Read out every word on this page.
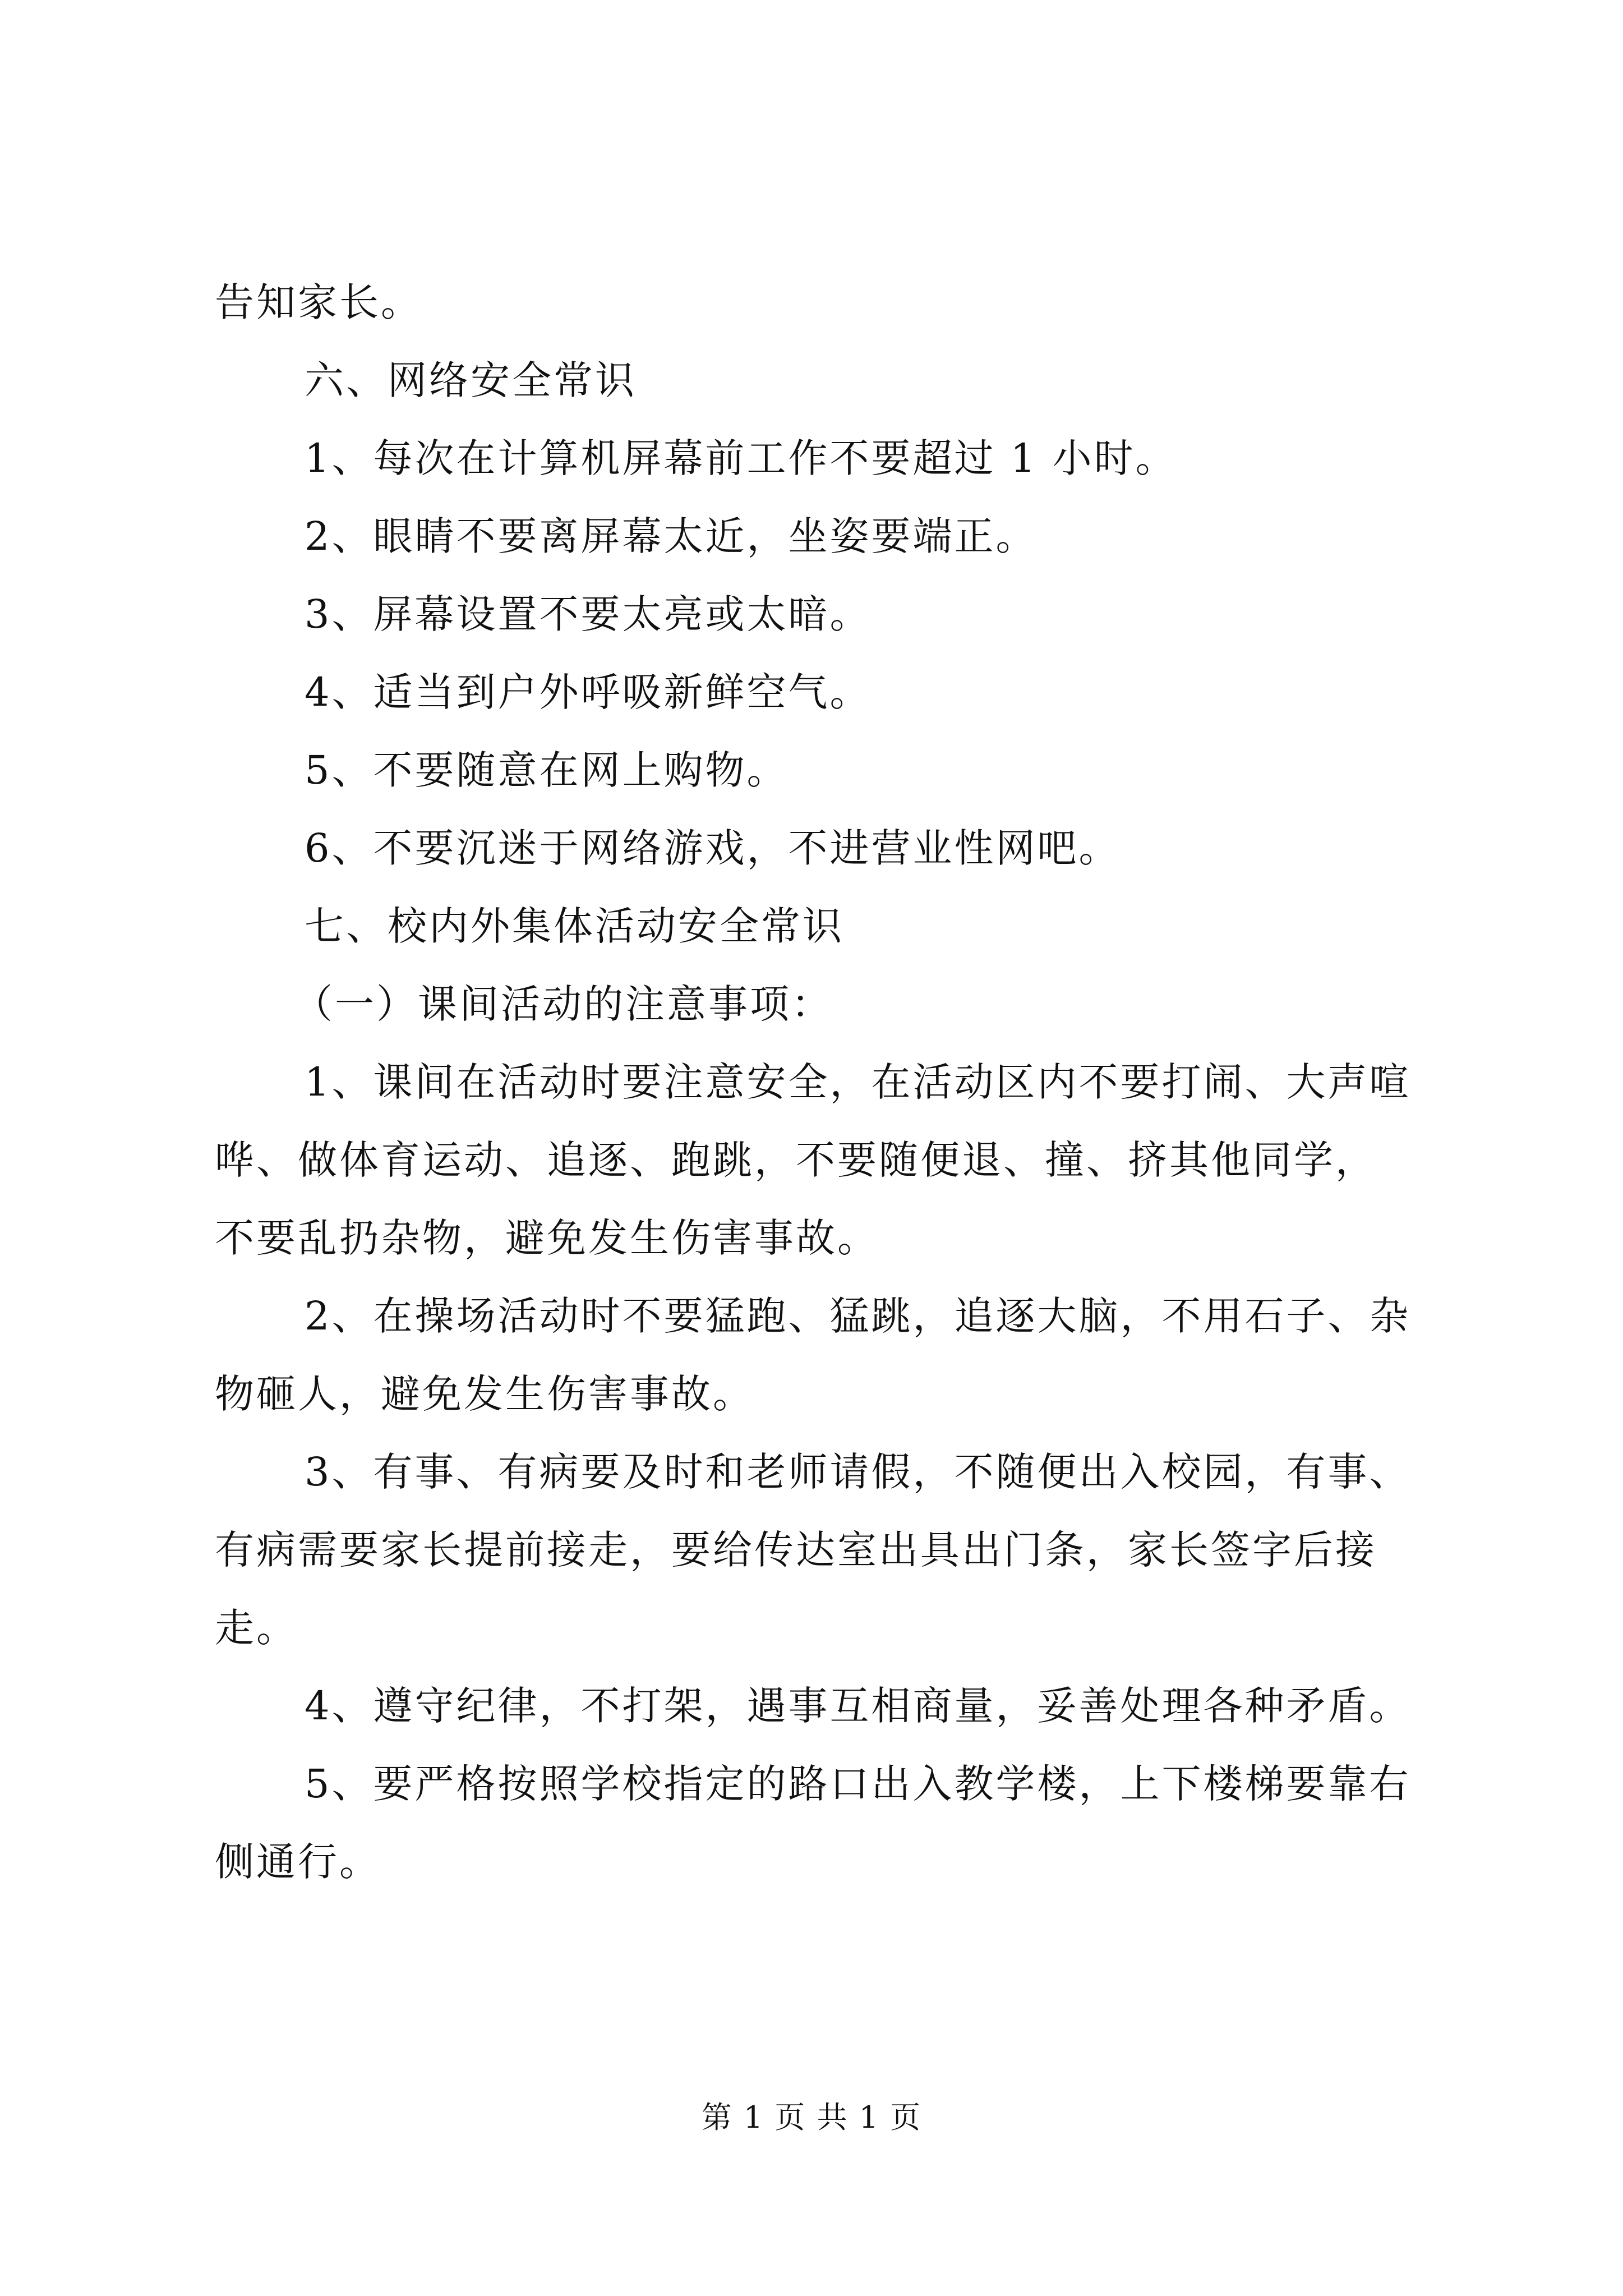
告知家长。

六、网络安全常识

1、每次在计算机屏幕前工作不要超过 1 小时。

2、眼睛不要离屏幕太近，坐姿要端正。

3、屏幕设置不要太亮或太暗。

4、适当到户外呼吸新鲜空气。

5、不要随意在网上购物。

6、不要沉迷于网络游戏，不进营业性网吧。

七、校内外集体活动安全常识

（一）课间活动的注意事项：

1、课间在活动时要注意安全，在活动区内不要打闹、大声喧哗、做体育运动、追逐、跑跳，不要随便退、撞、挤其他同学，不要乱扔杂物，避免发生伤害事故。

2、在操场活动时不要猛跑、猛跳，追逐大脑，不用石子、杂物砸人，避免发生伤害事故。

3、有事、有病要及时和老师请假，不随便出入校园，有事、有病需要家长提前接走，要给传达室出具出门条，家长签字后接走。

4、遵守纪律，不打架，遇事互相商量，妥善处理各种矛盾。

5、要严格按照学校指定的路口出入教学楼，上下楼梯要靠右侧通行。

第 1 页 共 1 页
